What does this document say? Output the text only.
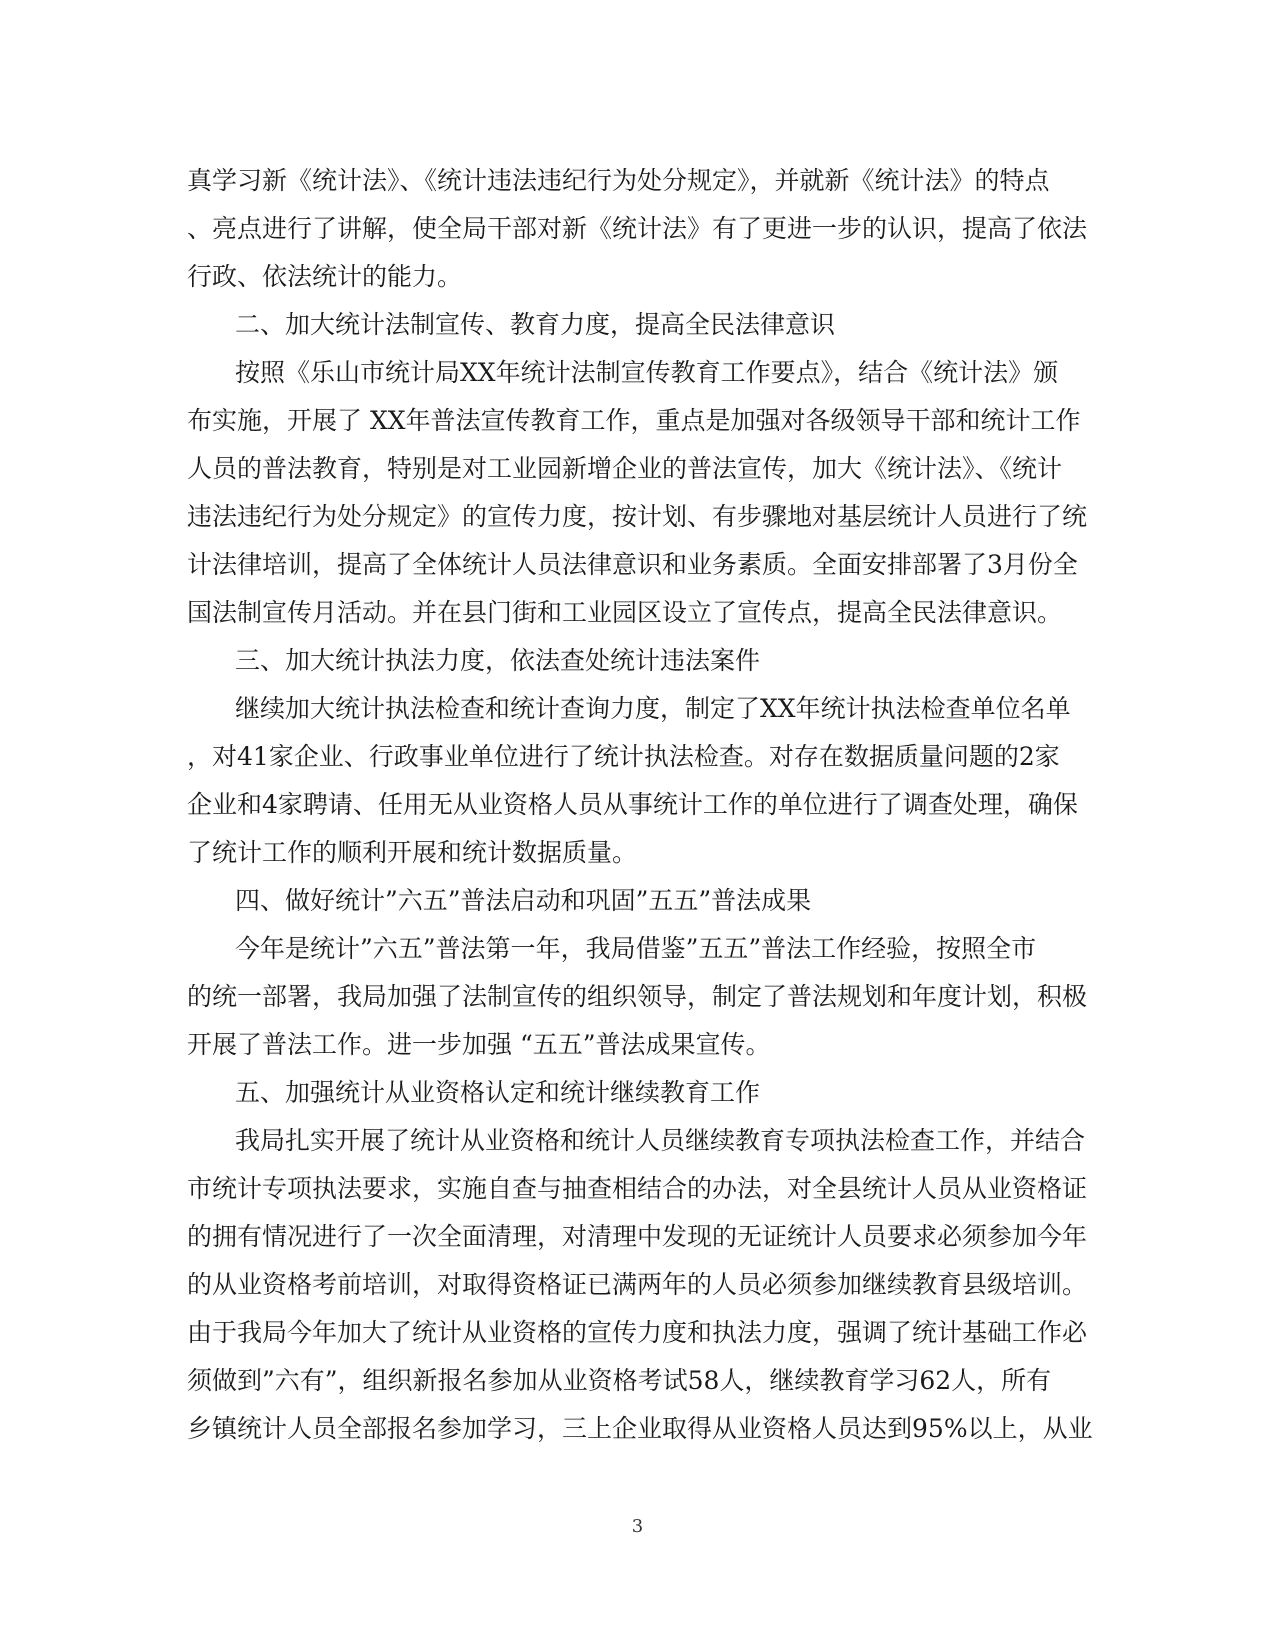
真学习新《统计法》、《统计违法违纪行为处分规定》，并就新《统计法》的特点
、亮点进行了讲解，使全局干部对新《统计法》有了更进一步的认识，提高了依法
行政、依法统计的能力。
二、加大统计法制宣传、教育力度，提高全民法律意识
按照《乐山市统计局XX年统计法制宣传教育工作要点》，结合《统计法》颁
布实施，开展了 XX年普法宣传教育工作，重点是加强对各级领导干部和统计工作
人员的普法教育，特别是对工业园新增企业的普法宣传，加大《统计法》、《统计
违法违纪行为处分规定》的宣传力度，按计划、有步骤地对基层统计人员进行了统
计法律培训，提高了全体统计人员法律意识和业务素质。全面安排部署了3月份全
国法制宣传月活动。并在县门街和工业园区设立了宣传点，提高全民法律意识。
三、加大统计执法力度，依法查处统计违法案件
继续加大统计执法检查和统计查询力度，制定了XX年统计执法检查单位名单
，对41家企业、行政事业单位进行了统计执法检查。对存在数据质量问题的2家
企业和4家聘请、任用无从业资格人员从事统计工作的单位进行了调查处理，确保
了统计工作的顺利开展和统计数据质量。
四、做好统计”六五”普法启动和巩固”五五”普法成果
今年是统计”六五”普法第一年，我局借鉴”五五”普法工作经验，按照全市
的统一部署，我局加强了法制宣传的组织领导，制定了普法规划和年度计划，积极
开展了普法工作。进一步加强 “五五”普法成果宣传。
五、加强统计从业资格认定和统计继续教育工作
我局扎实开展了统计从业资格和统计人员继续教育专项执法检查工作，并结合
市统计专项执法要求，实施自查与抽查相结合的办法，对全县统计人员从业资格证
的拥有情况进行了一次全面清理，对清理中发现的无证统计人员要求必须参加今年
的从业资格考前培训，对取得资格证已满两年的人员必须参加继续教育县级培训。
由于我局今年加大了统计从业资格的宣传力度和执法力度，强调了统计基础工作必
须做到”六有”，组织新报名参加从业资格考试58人，继续教育学习62人，所有
乡镇统计人员全部报名参加学习，三上企业取得从业资格人员达到95%以上，从业
3
